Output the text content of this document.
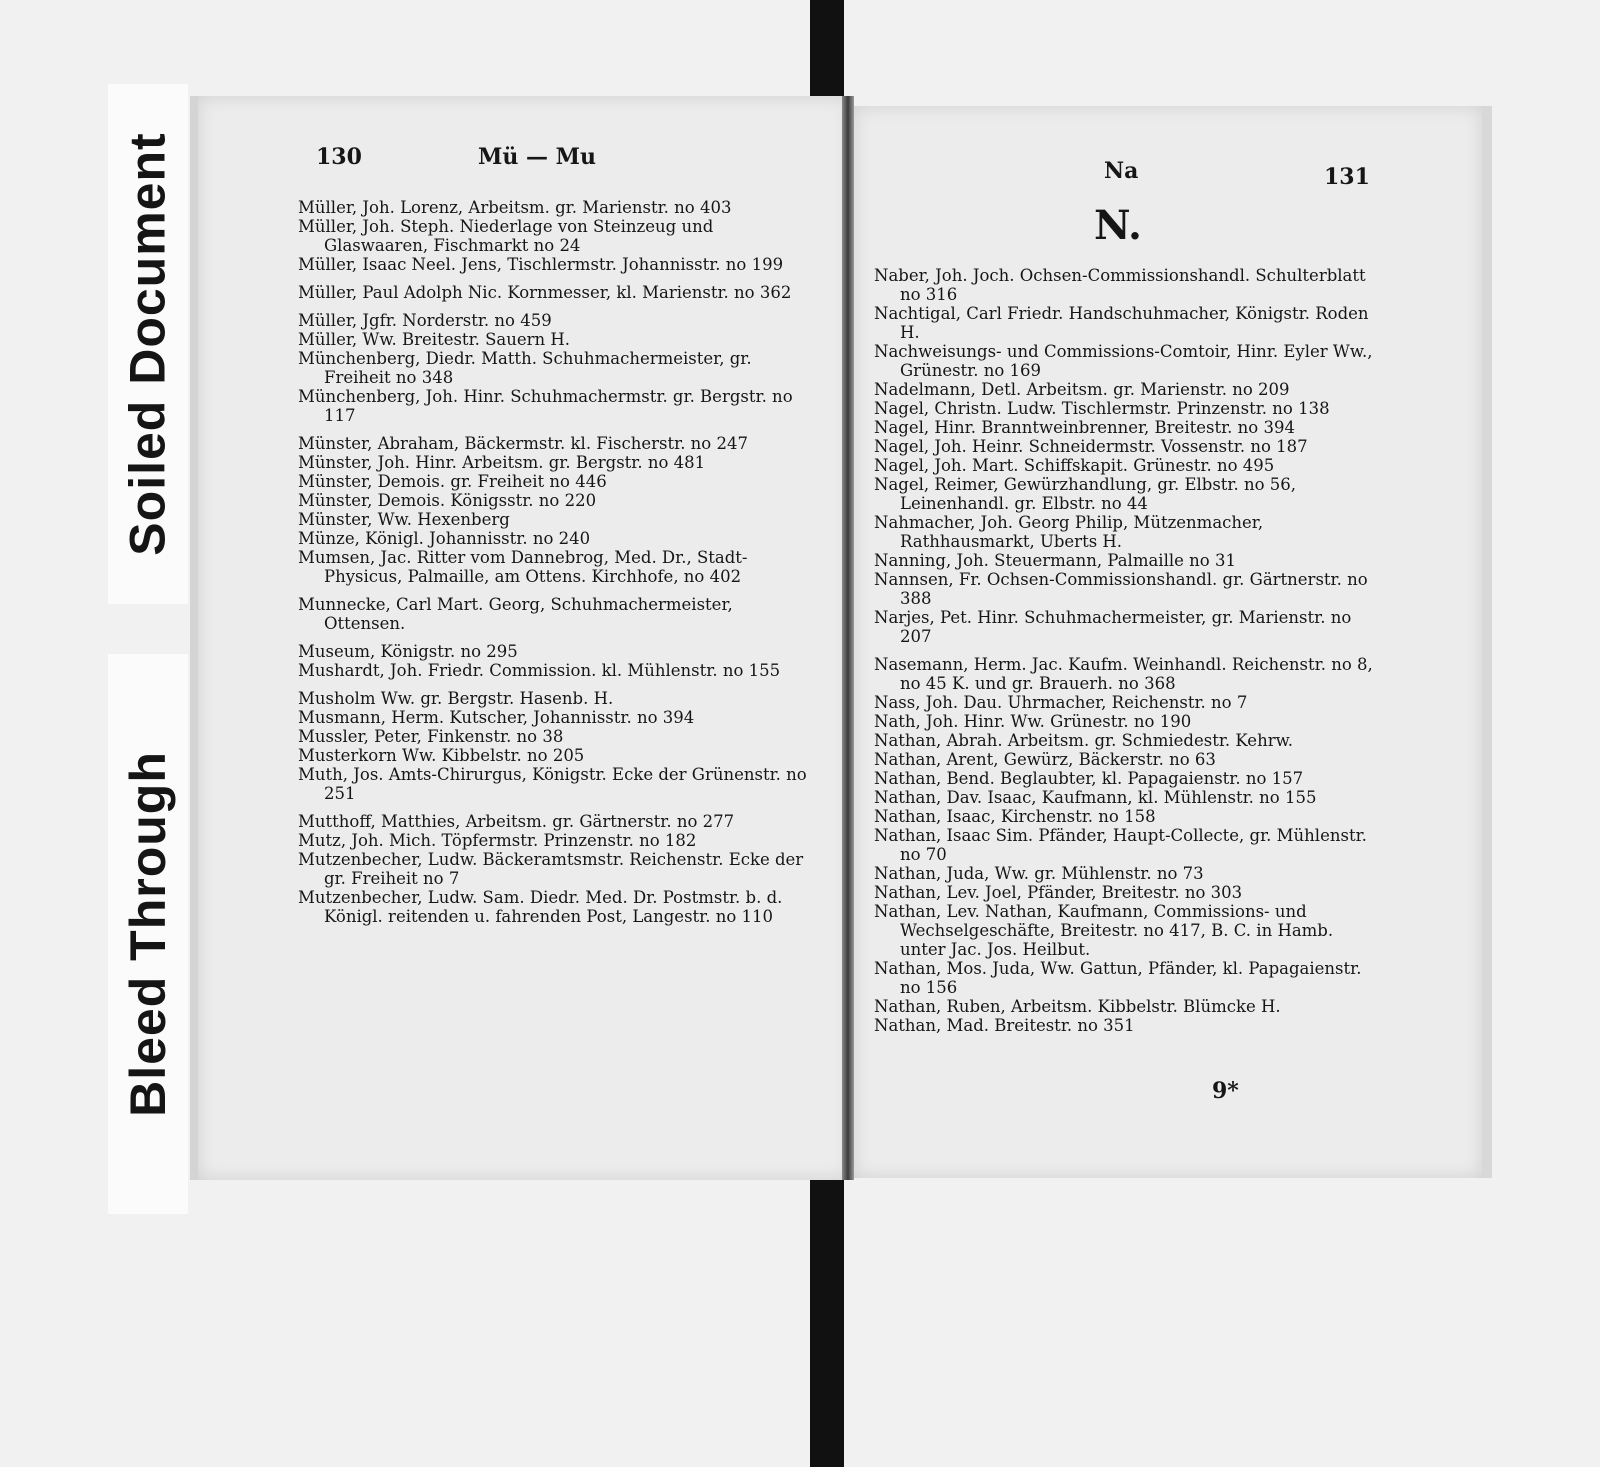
Soiled Document
Bleed Through
130	Mü — Mu
Müller, Joh. Lorenz, Arbeitsm. gr. Marienstr. no 403
Müller, Joh. Steph. Niederlage von Steinzeug und Glaswaaren, Fischmarkt no 24
Müller, Isaac Neel. Jens, Tischlermstr. Johannisstr. no 199
Müller, Paul Adolph Nic. Kornmesser, kl. Marienstr. no 362
Müller, Jgfr. Norderstr. no 459
Müller, Ww. Breitestr. Sauern H.
Münchenberg, Diedr. Matth. Schuhmachermeister, gr. Freiheit no 348
Münchenberg, Joh. Hinr. Schuhmachermstr. gr. Bergstr. no 117
Münster, Abraham, Bäckermstr. kl. Fischerstr. no 247
Münster, Joh. Hinr. Arbeitsm. gr. Bergstr. no 481
Münster, Demois. gr. Freiheit no 446
Münster, Demois. Königsstr. no 220
Münster, Ww. Hexenberg
Münze, Königl. Johannisstr. no 240
Mumsen, Jac. Ritter vom Dannebrog, Med. Dr., Stadt-Physicus, Palmaille, am Ottens. Kirchhofe, no 402
Munnecke, Carl Mart. Georg, Schuhmachermeister, Ottensen.
Museum, Königstr. no 295
Mushardt, Joh. Friedr. Commission. kl. Mühlenstr. no 155
Musholm Ww. gr. Bergstr. Hasenb. H.
Musmann, Herm. Kutscher, Johannisstr. no 394
Mussler, Peter, Finkenstr. no 38
Musterkorn Ww. Kibbelstr. no 205
Muth, Jos. Amts-Chirurgus, Königstr. Ecke der Grünenstr. no 251
Mutthoff, Matthies, Arbeitsm. gr. Gärtnerstr. no 277
Mutz, Joh. Mich. Töpfermstr. Prinzenstr. no 182
Mutzenbecher, Ludw. Bäckeramtsmstr. Reichenstr. Ecke der gr. Freiheit no 7
Mutzenbecher, Ludw. Sam. Diedr. Med. Dr. Postmstr. b. d. Königl. reitenden u. fahrenden Post, Langestr. no 110
Na	131
N.
Naber, Joh. Joch. Ochsen-Commissionshandl. Schulterblatt no 316
Nachtigal, Carl Friedr. Handschuhmacher, Königstr. Roden H.
Nachweisungs- und Commissions-Comtoir, Hinr. Eyler Ww., Grünestr. no 169
Nadelmann, Detl. Arbeitsm. gr. Marienstr. no 209
Nagel, Christn. Ludw. Tischlermstr. Prinzenstr. no 138
Nagel, Hinr. Branntweinbrenner, Breitestr. no 394
Nagel, Joh. Heinr. Schneidermstr. Vossenstr. no 187
Nagel, Joh. Mart. Schiffskapit. Grünestr. no 495
Nagel, Reimer, Gewürzhandlung, gr. Elbstr. no 56, Leinenhandl. gr. Elbstr. no 44
Nahmacher, Joh. Georg Philip, Mützenmacher, Rathhausmarkt, Uberts H.
Nanning, Joh. Steuermann, Palmaille no 31
Nannsen, Fr. Ochsen-Commissionshandl. gr. Gärtnerstr. no 388
Narjes, Pet. Hinr. Schuhmachermeister, gr. Marienstr. no 207
Nasemann, Herm. Jac. Kaufm. Weinhandl. Reichenstr. no 8, no 45 K. und gr. Brauerh. no 368
Nass, Joh. Dau. Uhrmacher, Reichenstr. no 7
Nath, Joh. Hinr. Ww. Grünestr. no 190
Nathan, Abrah. Arbeitsm. gr. Schmiedestr. Kehrw.
Nathan, Arent, Gewürz, Bäckerstr. no 63
Nathan, Bend. Beglaubter, kl. Papagaienstr. no 157
Nathan, Dav. Isaac, Kaufmann, kl. Mühlenstr. no 155
Nathan, Isaac, Kirchenstr. no 158
Nathan, Isaac Sim. Pfänder, Haupt-Collecte, gr. Mühlenstr. no 70
Nathan, Juda, Ww. gr. Mühlenstr. no 73
Nathan, Lev. Joel, Pfänder, Breitestr. no 303
Nathan, Lev. Nathan, Kaufmann, Commissions- und Wechselgeschäfte, Breitestr. no 417, B. C. in Hamb. unter Jac. Jos. Heilbut.
Nathan, Mos. Juda, Ww. Gattun, Pfänder, kl. Papagaienstr. no 156
Nathan, Ruben, Arbeitsm. Kibbelstr. Blümcke H.
Nathan, Mad. Breitestr. no 351
9*
